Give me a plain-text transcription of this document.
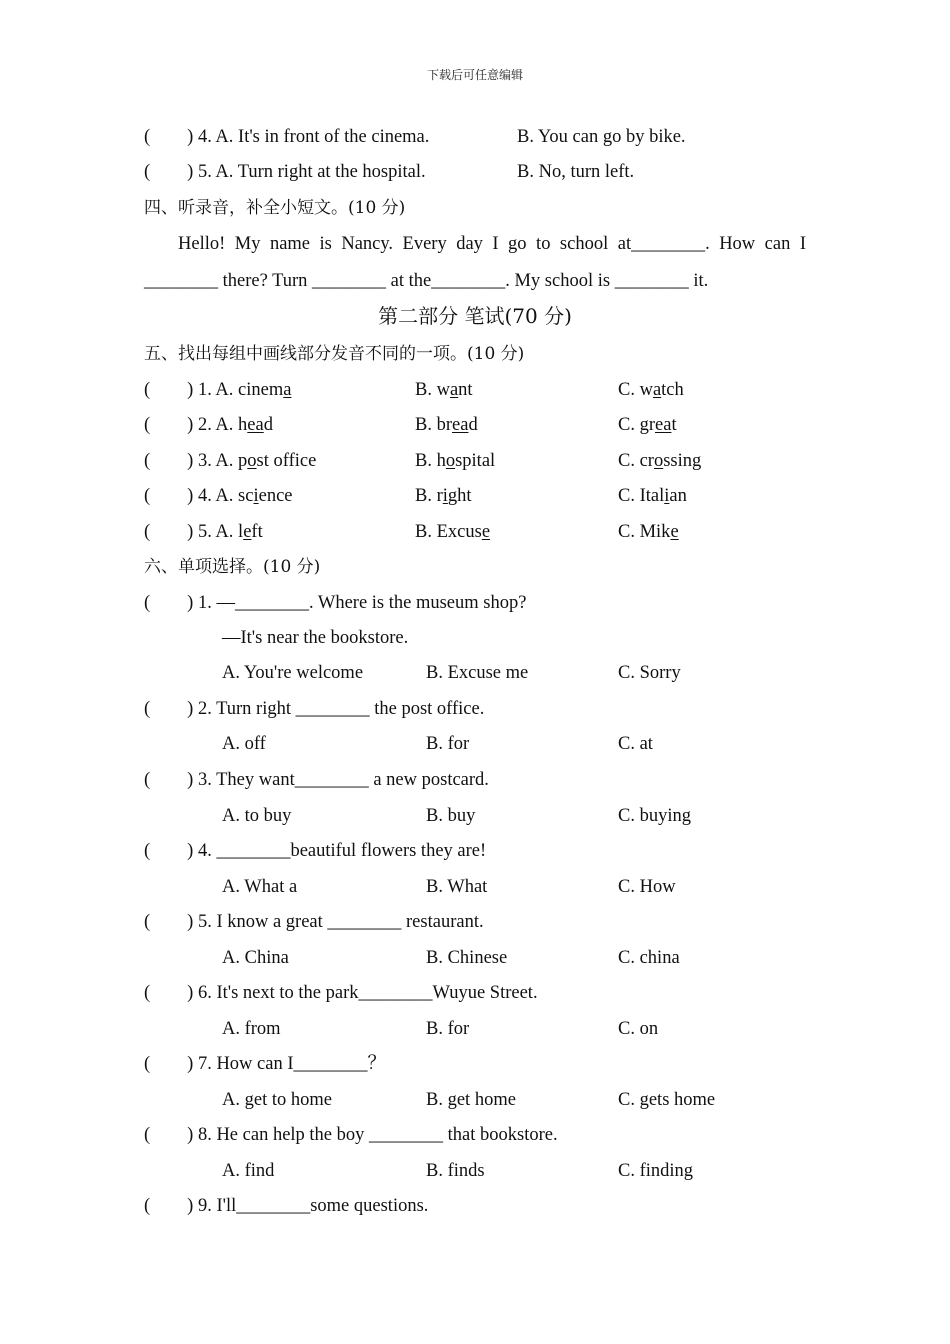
下载后可任意编辑
(        ) 4. A. It's in front of the cinema.	B. You can go by bike.
(        ) 5. A. Turn right at the hospital.	B. No, turn left.
四、听录音，补全小短文。(10 分)
Hello! My name is Nancy. Every day I go to school at________. How can I
________ there? Turn ________ at the________. My school is ________ it.
第二部分 笔试(70 分)
五、找出每组中画线部分发音不同的一项。(10 分)
(        ) 1. A. cinema	B. want	C. watch
(        ) 2. A. head	B. bread	C. great
(        ) 3. A. post office	B. hospital	C. crossing
(        ) 4. A. science	B. right	C. Italian
(        ) 5. A. left	B. Excuse	C. Mike
六、单项选择。(10 分)
(        ) 1. —________. Where is the museum shop?
—It's near the bookstore.
A. You're welcome	B. Excuse me	C. Sorry
(        ) 2. Turn right ________ the post office.
A. off	B. for	C. at
(        ) 3. They want________ a new postcard.
A. to buy	B. buy	C. buying
(        ) 4. ________beautiful flowers they are!
A. What a	B. What	C. How
(        ) 5. I know a great ________ restaurant.
A. China	B. Chinese	C. china
(        ) 6. It's next to the park________Wuyue Street.
A. from	B. for	C. on
(        ) 7. How can I________？
A. get to home	B. get home	C. gets home
(        ) 8. He can help the boy ________ that bookstore.
A. find	B. finds	C. finding
(        ) 9. I'll________some questions.
